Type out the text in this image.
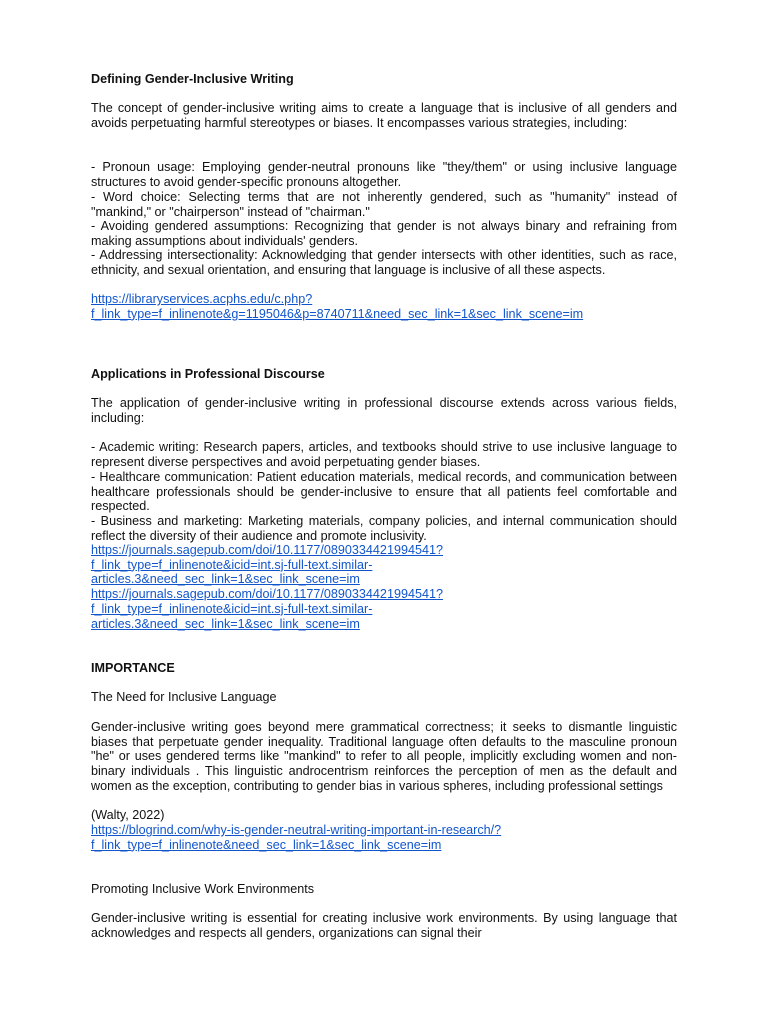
Defining Gender-Inclusive Writing

The concept of gender-inclusive writing aims to create a language that is inclusive of all genders and avoids perpetuating harmful stereotypes or biases. It encompasses various strategies, including:

- Pronoun usage: Employing gender-neutral pronouns like "they/them" or using inclusive language structures to avoid gender-specific pronouns altogether.

- Word choice: Selecting terms that are not inherently gendered, such as "humanity" instead of "mankind," or "chairperson" instead of "chairman."

- Avoiding gendered assumptions: Recognizing that gender is not always binary and refraining from making assumptions about individuals' genders.

- Addressing intersectionality: Acknowledging that gender intersects with other identities, such as race, ethnicity, and sexual orientation, and ensuring that language is inclusive of all these aspects.

https://libraryservices.acphs.edu/c.php?
f_link_type=f_inlinenote&g=1195046&p=8740711&need_sec_link=1&sec_link_scene=im

Applications in Professional Discourse

The application of gender-inclusive writing in professional discourse extends across various fields, including:

- Academic writing: Research papers, articles, and textbooks should strive to use inclusive language to represent diverse perspectives and avoid perpetuating gender biases.

- Healthcare communication: Patient education materials, medical records, and communication between healthcare professionals should be gender-inclusive to ensure that all patients feel comfortable and respected.

- Business and marketing: Marketing materials, company policies, and internal communication should reflect the diversity of their audience and promote inclusivity.

https://journals.sagepub.com/doi/10.1177/0890334421994541?
f_link_type=f_inlinenote&icid=int.sj-full-text.similar-
articles.3&need_sec_link=1&sec_link_scene=im
https://journals.sagepub.com/doi/10.1177/0890334421994541?
f_link_type=f_inlinenote&icid=int.sj-full-text.similar-
articles.3&need_sec_link=1&sec_link_scene=im

IMPORTANCE

The Need for Inclusive Language

Gender-inclusive writing goes beyond mere grammatical correctness; it seeks to dismantle linguistic biases that perpetuate gender inequality. Traditional language often defaults to the masculine pronoun "he" or uses gendered terms like "mankind" to refer to all people, implicitly excluding women and non-binary individuals . This linguistic androcentrism reinforces the perception of men as the default and women as the exception, contributing to gender bias in various spheres, including professional settings

(Walty, 2022)

https://blogrind.com/why-is-gender-neutral-writing-important-in-research/?
f_link_type=f_inlinenote&need_sec_link=1&sec_link_scene=im

Promoting Inclusive Work Environments

Gender-inclusive writing is essential for creating inclusive work environments. By using language that acknowledges and respects all genders, organizations can signal their
